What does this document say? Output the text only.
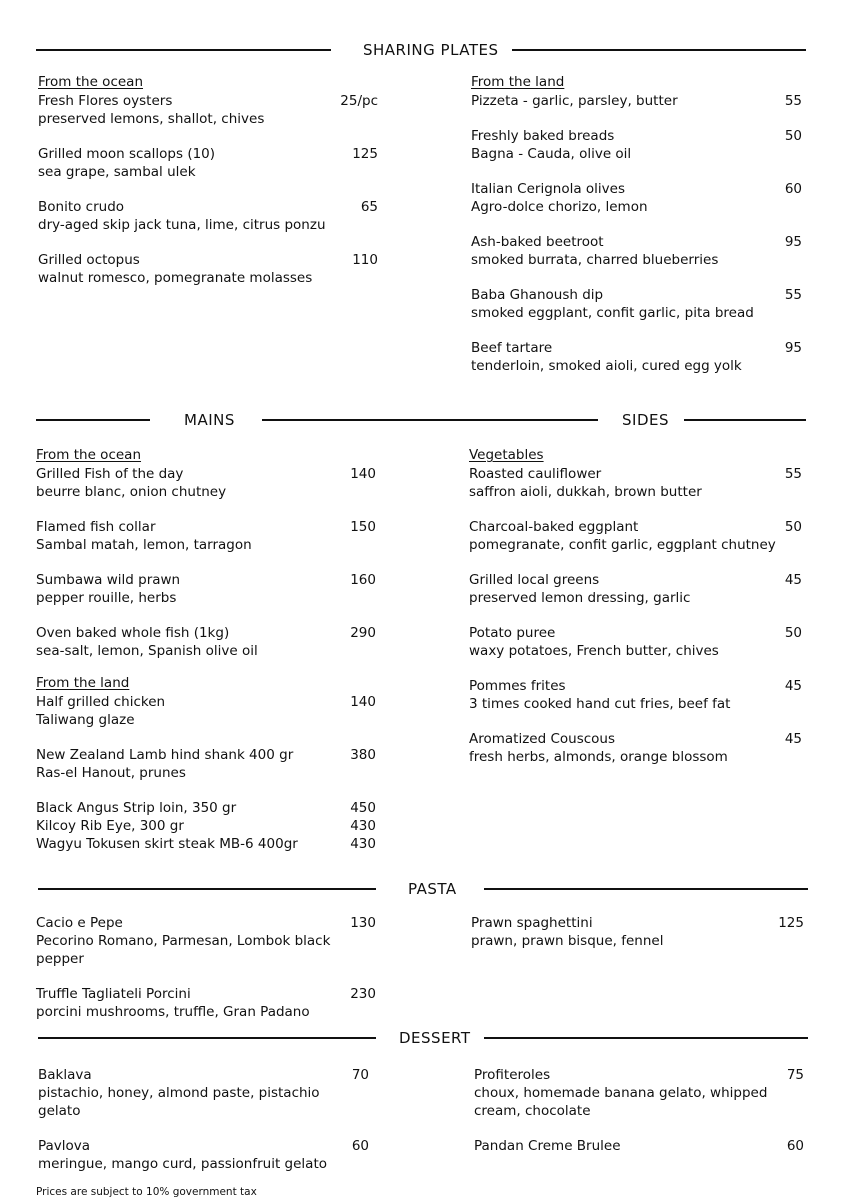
SHARING PLATES
From the ocean
Fresh Flores oysters
preserved lemons, shallot, chives
25/pc
Grilled moon scallops (10)
sea grape, sambal ulek
125
Bonito crudo
dry-aged skip jack tuna, lime, citrus ponzu
65
Grilled octopus
walnut romesco, pomegranate molasses
110
From the land
Pizzeta - garlic, parsley, butter	55
Freshly baked breads
Bagna - Cauda, olive oil
50
Italian Cerignola olives
Agro-dolce chorizo, lemon
60
Ash-baked beetroot
smoked burrata, charred blueberries
95
Baba Ghanoush dip
smoked eggplant, confit garlic, pita bread
55
Beef tartare
tenderloin, smoked aioli, cured egg yolk
95
MAINS	SIDES
From the ocean
Grilled Fish of the day
beurre blanc, onion chutney
140
Flamed fish collar
Sambal matah, lemon, tarragon
150
Sumbawa wild prawn
pepper rouille, herbs
160
Oven baked whole fish (1kg)
sea-salt, lemon, Spanish olive oil
290
From the land
Half grilled chicken
Taliwang glaze
140
New Zealand Lamb hind shank 400 gr
Ras-el Hanout, prunes
380
Black Angus Strip loin, 350 gr	450
Kilcoy Rib Eye, 300 gr	430
Wagyu Tokusen skirt steak MB-6 400gr	430
Vegetables
Roasted cauliflower
saffron aioli, dukkah, brown butter
55
Charcoal-baked eggplant
pomegranate, confit garlic, eggplant chutney
50
Grilled local greens
preserved lemon dressing, garlic
45
Potato puree
waxy potatoes, French butter, chives
50
Pommes frites
3 times cooked hand cut fries, beef fat
45
Aromatized Couscous
fresh herbs, almonds, orange blossom
45
PASTA
Cacio e Pepe
Pecorino Romano, Parmesan, Lombok black pepper
130
Truffle Tagliateli Porcini
porcini mushrooms, truffle, Gran Padano
230
Prawn spaghettini
prawn, prawn bisque, fennel
125
DESSERT
Baklava
pistachio, honey, almond paste, pistachio gelato
70
Pavlova
meringue, mango curd, passionfruit gelato
60
Profiteroles
choux, homemade banana gelato, whipped cream, chocolate
75
Pandan Creme Brulee	60
Prices are subject to 10% government tax
